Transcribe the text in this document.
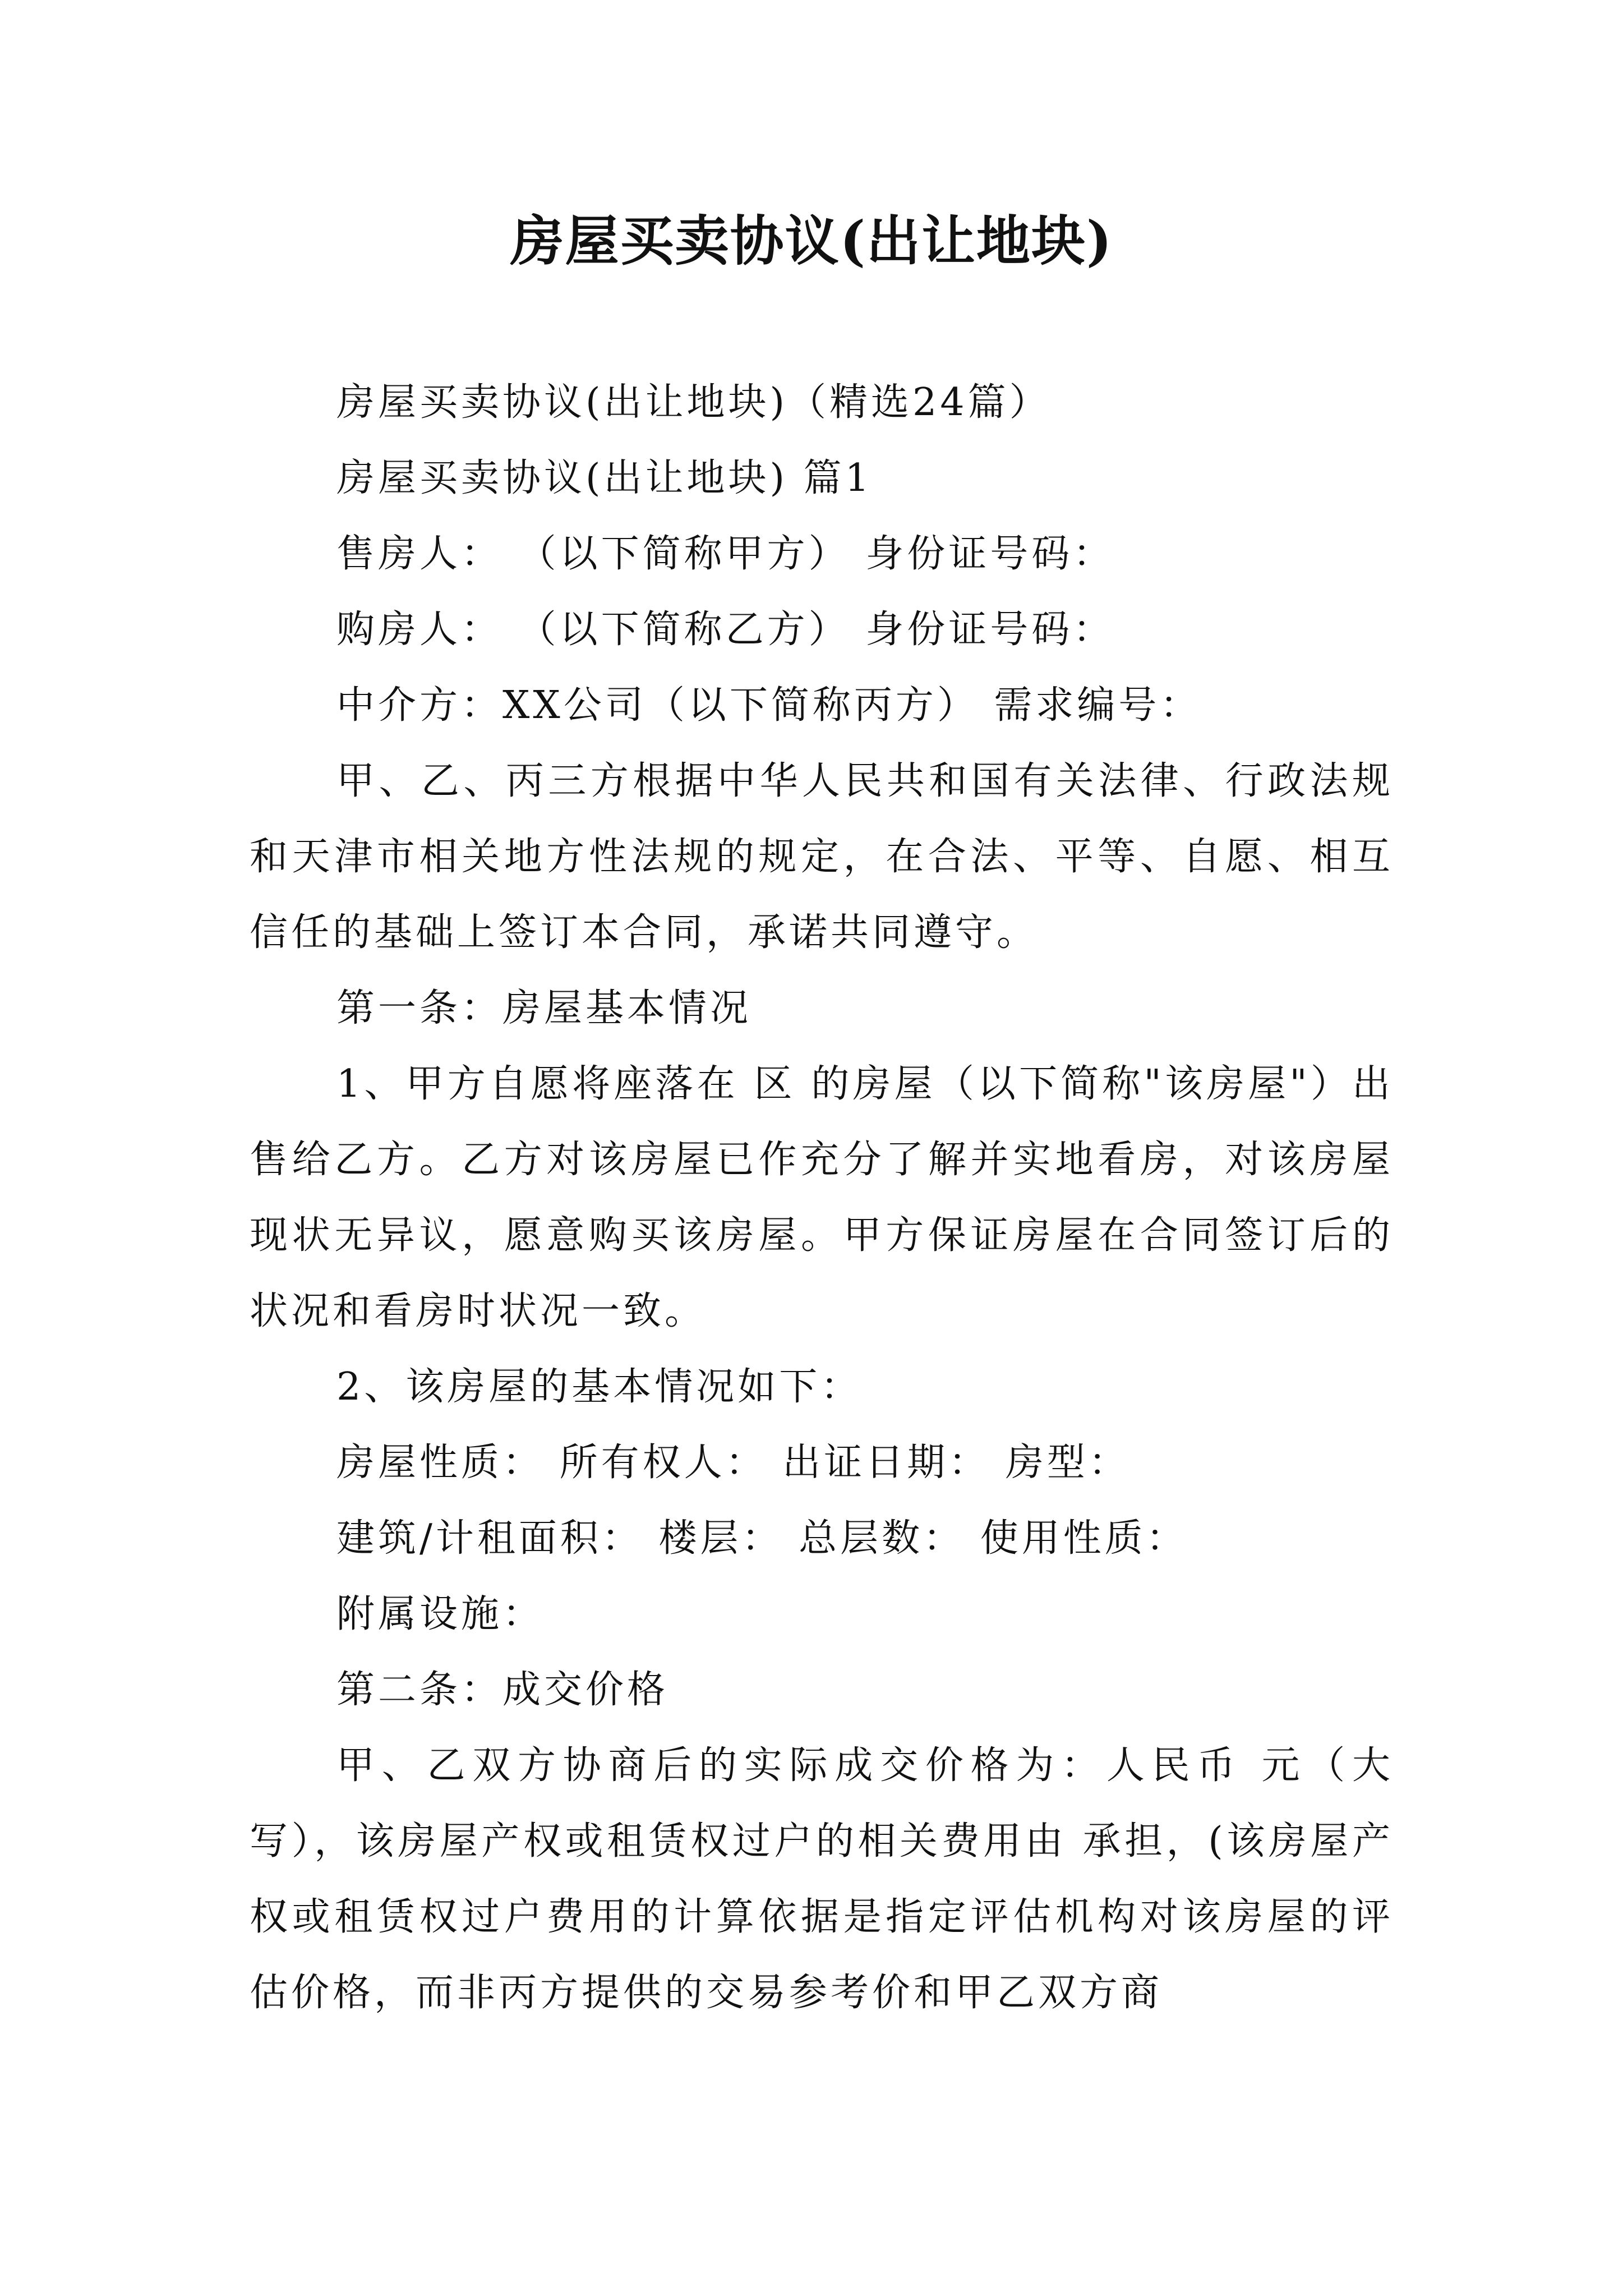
房屋买卖协议(出让地块)

房屋买卖协议(出让地块)（精选24篇）

房屋买卖协议(出让地块) 篇1

售房人： （以下简称甲方） 身份证号码：

购房人： （以下简称乙方） 身份证号码：

中介方：XX公司（以下简称丙方） 需求编号：

甲、乙、丙三方根据中华人民共和国有关法律、行政法规和天津市相关地方性法规的规定，在合法、平等、自愿、相互信任的基础上签订本合同，承诺共同遵守。

第一条：房屋基本情况

1、甲方自愿将座落在 区 的房屋（以下简称"该房屋"）出售给乙方。乙方对该房屋已作充分了解并实地看房，对该房屋现状无异议，愿意购买该房屋。甲方保证房屋在合同签订后的状况和看房时状况一致。

2、该房屋的基本情况如下：

房屋性质： 所有权人： 出证日期： 房型：

建筑/计租面积： 楼层： 总层数： 使用性质：

附属设施：

第二条：成交价格

甲、乙双方协商后的实际成交价格为：人民币 元（大写），该房屋产权或租赁权过户的相关费用由 承担，(该房屋产权或租赁权过户费用的计算依据是指定评估机构对该房屋的评估价格，而非丙方提供的交易参考价和甲乙双方商
